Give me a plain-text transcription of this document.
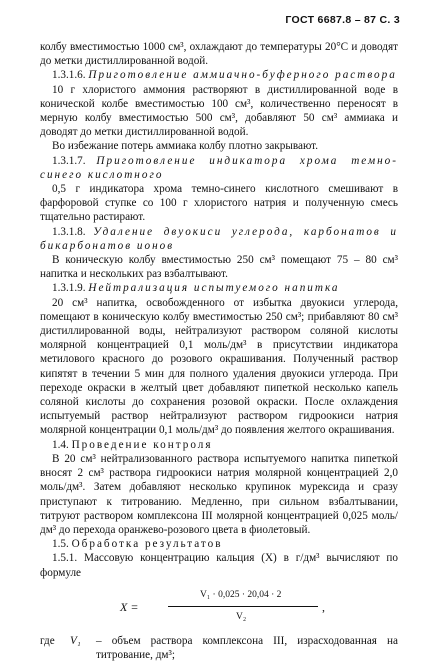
ГОСТ 6687.8 – 87 С. 3

колбу вместимостью 1000 см³, охлаждают до температуры 20°С и доводят до метки дистиллированной водой.

1.3.1.6. Приготовление аммиачно-буферного раствора

10 г хлористого аммония растворяют в дистиллированной воде в конической колбе вместимостью 100 см³, количественно переносят в мерную колбу вместимостью 500 см³, добавляют 50 см³ аммиака и доводят до метки дистиллированной водой.

Во избежание потерь аммиака колбу плотно закрывают.

1.3.1.7. Приготовление индикатора хрома темно-синего кислотного

0,5 г индикатора хрома темно-синего кислотного смешивают в фарфоровой ступке со 100 г хлористого натрия и полученную смесь тщательно растирают.

1.3.1.8. Удаление двуокиси углерода, карбонатов и бикарбонатов ионов

В коническую колбу вместимостью 250 см³ помещают 75 – 80 см³ напитка и нескольких раз взбалтывают.

1.3.1.9. Нейтрализация испытуемого напитка

20 см³ напитка, освобожденного от избытка двуокиси углерода, помещают в коническую колбу вместимостью 250 см³; прибавляют 80 см³ дистиллированной воды, нейтрализуют раствором соляной кислоты молярной концентрацией 0,1 моль/дм³ в присутствии индикатора метилового красного до розового окрашивания. Полученный раствор кипятят в течении 5 мин для полного удаления двуокиси углерода. При переходе окраски в желтый цвет добавляют пипеткой несколько капель соляной кислоты до сохранения розовой окраски. После охлаждения испытуемый раствор нейтрализуют раствором гидроокиси натрия молярной концентрации 0,1 моль/дм³ до появления желтого окрашивания.

1.4. Проведение контроля

В 20 см³ нейтрализованного раствора испытуемого напитка пипеткой вносят 2 см³ раствора гидроокиси натрия молярной концентрацией 2,0 моль/дм³. Затем добавляют несколько крупинок мурексида и сразу приступают к титрованию. Медленно, при сильном взбалтывании, титруют раствором комплексона III молярной концентрацией 0,025 моль/дм³ до перехода оранжево-розового цвета в фиолетовый.

1.5. Обработка результатов

1.5.1. Массовую концентрацию кальция (X) в г/дм³ вычисляют по формуле

X =
V₁ · 0,025 · 20,04 · 2
V₂
,
где	V₁	– объем раствора комплексона III, израсходованная на титрование, дм³;
